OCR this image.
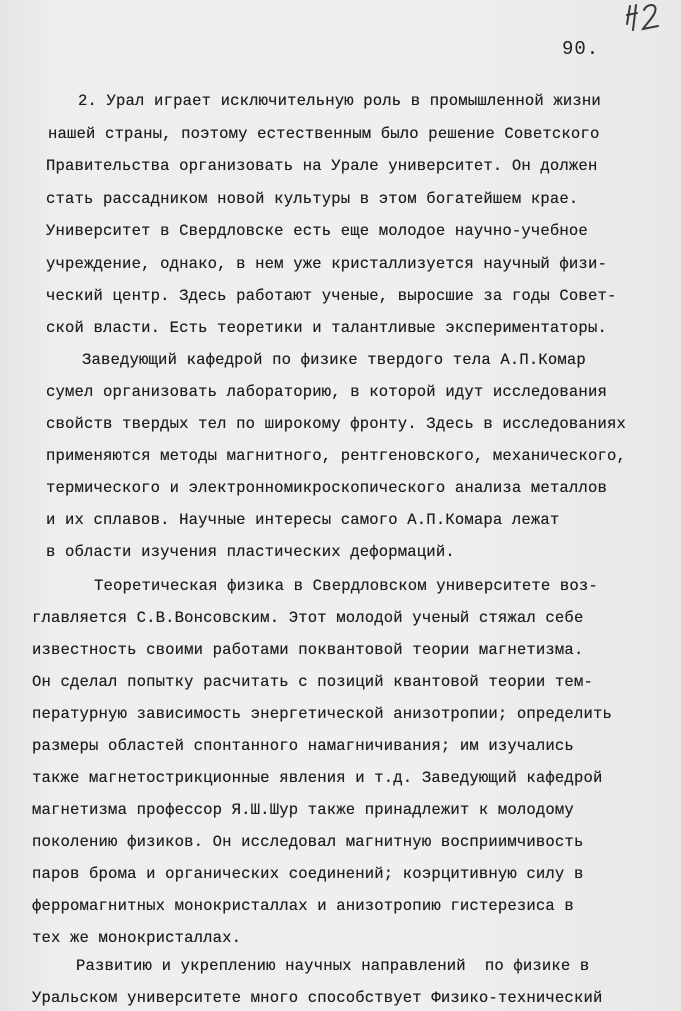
90.
2. Урал играет исключительную роль в промышленной жизни
нашей страны, поэтому естественным было решение Советского
Правительства организовать на Урале университет. Он должен
стать рассадником новой культуры в этом богатейшем крае.
Университет в Свердловске есть еще молодое научно-учебное
учреждение, однако, в нем уже кристаллизуется научный физи-
ческий центр. Здесь работают ученые, выросшие за годы Совет-
ской власти. Есть теоретики и талантливые экспериментаторы.
Заведующий кафедрой по физике твердого тела А.П.Комар
сумел организовать лабораторию, в которой идут исследования
свойств твердых тел по широкому фронту. Здесь в исследованиях
применяются методы магнитного, рентгеновского, механического,
термического и электронномикроскопического анализа металлов
и их сплавов. Научные интересы самого А.П.Комара лежат
в области изучения пластических деформаций.
Теоретическая физика в Свердловском университете воз-
главляется С.В.Вонсовским. Этот молодой ученый стяжал себе
известность своими работами поквантовой теории магнетизма.
Он сделал попытку расчитать с позиций квантовой теории тем-
пературную зависимость энергетической анизотропии; определить
размеры областей спонтанного намагничивания; им изучались
также магнетострикционные явления и т.д. Заведующий кафедрой
магнетизма профессор Я.Ш.Шур также принадлежит к молодому
поколению физиков. Он исследовал магнитную восприимчивость
паров брома и органических соединений; коэрцитивную силу в
ферромагнитных монокристаллах и анизотропию гистерезиса в
тех же монокристаллах.
Развитию и укреплению научных направлений  по физике в
Уральском университете много способствует Физико-технический
